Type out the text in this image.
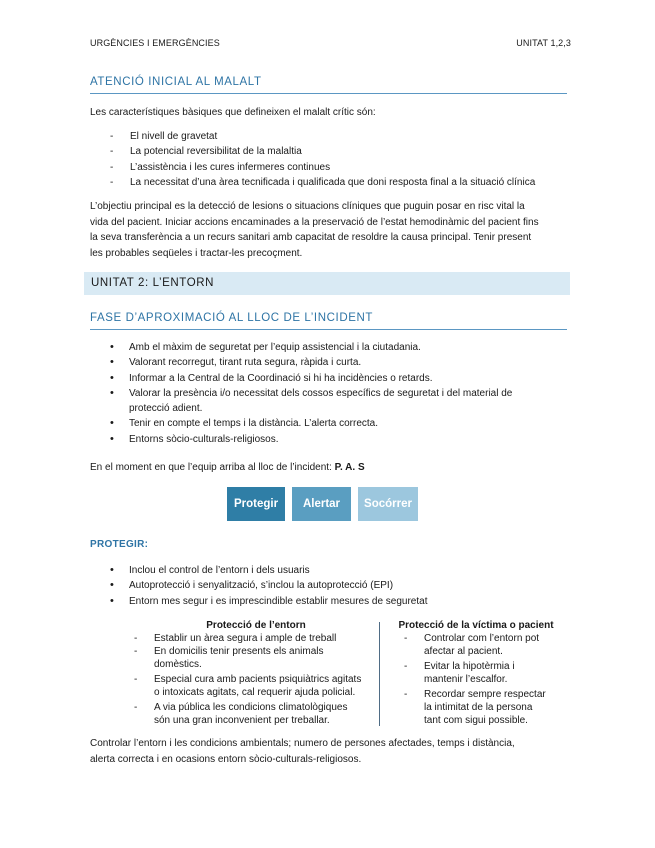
URGÈNCIES I EMERGÈNCIES	UNITAT 1,2,3
ATENCIÓ INICIAL AL MALALT
Les característiques bàsiques que defineixen el malalt crític són:
- El nivell de gravetat
- La potencial reversibilitat de la malaltia
- L’assistència i les cures infermeres continues
- La necessitat d’una àrea tecnificada i qualificada que doni resposta final a la situació clínica
L’objectiu principal es la detecció de lesions o situacions clíniques que puguin posar en risc vital la
vida del pacient. Iniciar accions encaminades a la preservació de l’estat hemodinàmic del pacient fins
la seva transferència a un recurs sanitari amb capacitat de resoldre la causa principal. Tenir present
les probables seqüeles i tractar-les precoçment.
UNITAT 2: L’ENTORN
FASE D’APROXIMACIÓ AL LLOC DE L’INCIDENT
• Amb el màxim de seguretat per l’equip assistencial i la ciutadania.
• Valorant recorregut, tirant ruta segura, ràpida i curta.
• Informar a la Central de la Coordinació si hi ha incidències o retards.
• Valorar la presència i/o necessitat dels cossos específics de seguretat i del material de
protecció adient.
• Tenir en compte el temps i la distància. L’alerta correcta.
• Entorns sòcio-culturals-religiosos.
En el moment en que l’equip arriba al lloc de l’incident: P. A. S
Protegir	Alertar	Socórrer
PROTEGIR:
• Inclou el control de l’entorn i dels usuaris
• Autoprotecció i senyalització, s’inclou la autoprotecció (EPI)
• Entorn mes segur i es imprescindible establir mesures de seguretat
Protecció de l’entorn
- Establir un àrea segura i ample de treball
- En domicilis tenir presents els animals
domèstics.
- Especial cura amb pacients psiquiàtrics agitats
o intoxicats agitats, cal requerir ajuda policial.
- A via pública les condicions climatològiques
són una gran inconvenient per treballar.
Protecció de la víctima o pacient
- Controlar com l’entorn pot
afectar al pacient.
- Evitar la hipotèrmia i
mantenir l’escalfor.
- Recordar sempre respectar
la intimitat de la persona
tant com sigui possible.
Controlar l’entorn i les condicions ambientals; numero de persones afectades, temps i distància,
alerta correcta i en ocasions entorn sòcio-culturals-religiosos.
